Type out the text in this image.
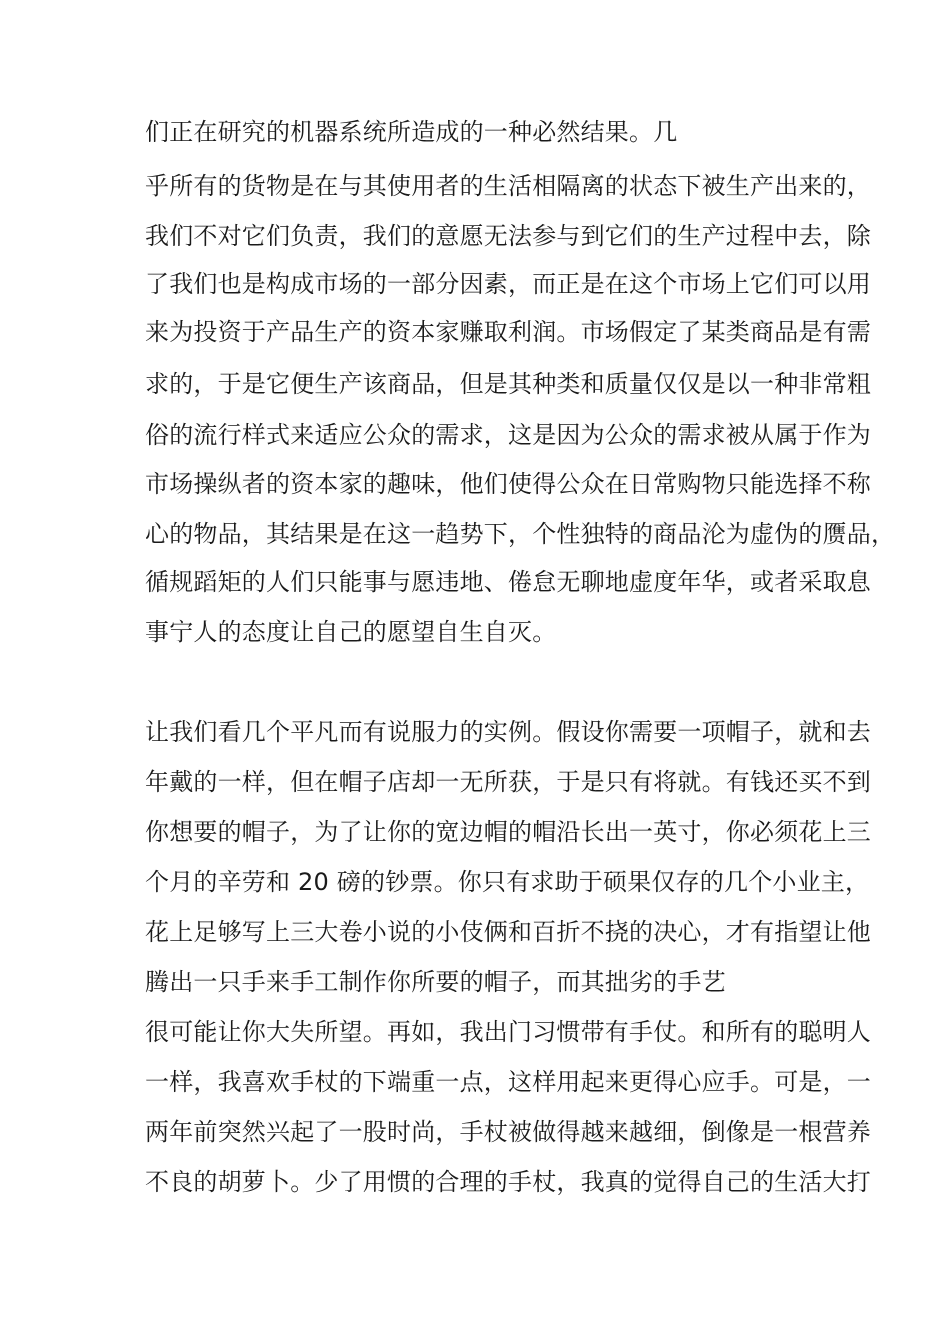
们正在研究的机器系统所造成的一种必然结果。几
乎所有的货物是在与其使用者的生活相隔离的状态下被生产出来的，
我们不对它们负责，我们的意愿无法参与到它们的生产过程中去，除
了我们也是构成市场的一部分因素，而正是在这个市场上它们可以用
来为投资于产品生产的资本家赚取利润。市场假定了某类商品是有需
求的，于是它便生产该商品，但是其种类和质量仅仅是以一种非常粗
俗的流行样式来适应公众的需求，这是因为公众的需求被从属于作为
市场操纵者的资本家的趣味，他们使得公众在日常购物只能选择不称
心的物品，其结果是在这一趋势下，个性独特的商品沦为虚伪的赝品，
循规蹈矩的人们只能事与愿违地、倦怠无聊地虚度年华，或者采取息
事宁人的态度让自己的愿望自生自灭。
让我们看几个平凡而有说服力的实例。假设你需要一项帽子，就和去
年戴的一样，但在帽子店却一无所获，于是只有将就。有钱还买不到
你想要的帽子，为了让你的宽边帽的帽沿长出一英寸，你必须花上三
个月的辛劳和 20 磅的钞票。你只有求助于硕果仅存的几个小业主，
花上足够写上三大卷小说的小伎俩和百折不挠的决心，才有指望让他
腾出一只手来手工制作你所要的帽子，而其拙劣的手艺
很可能让你大失所望。再如，我出门习惯带有手仗。和所有的聪明人
一样，我喜欢手杖的下端重一点，这样用起来更得心应手。可是，一
两年前突然兴起了一股时尚，手杖被做得越来越细，倒像是一根营养
不良的胡萝卜。少了用惯的合理的手杖，我真的觉得自己的生活大打
